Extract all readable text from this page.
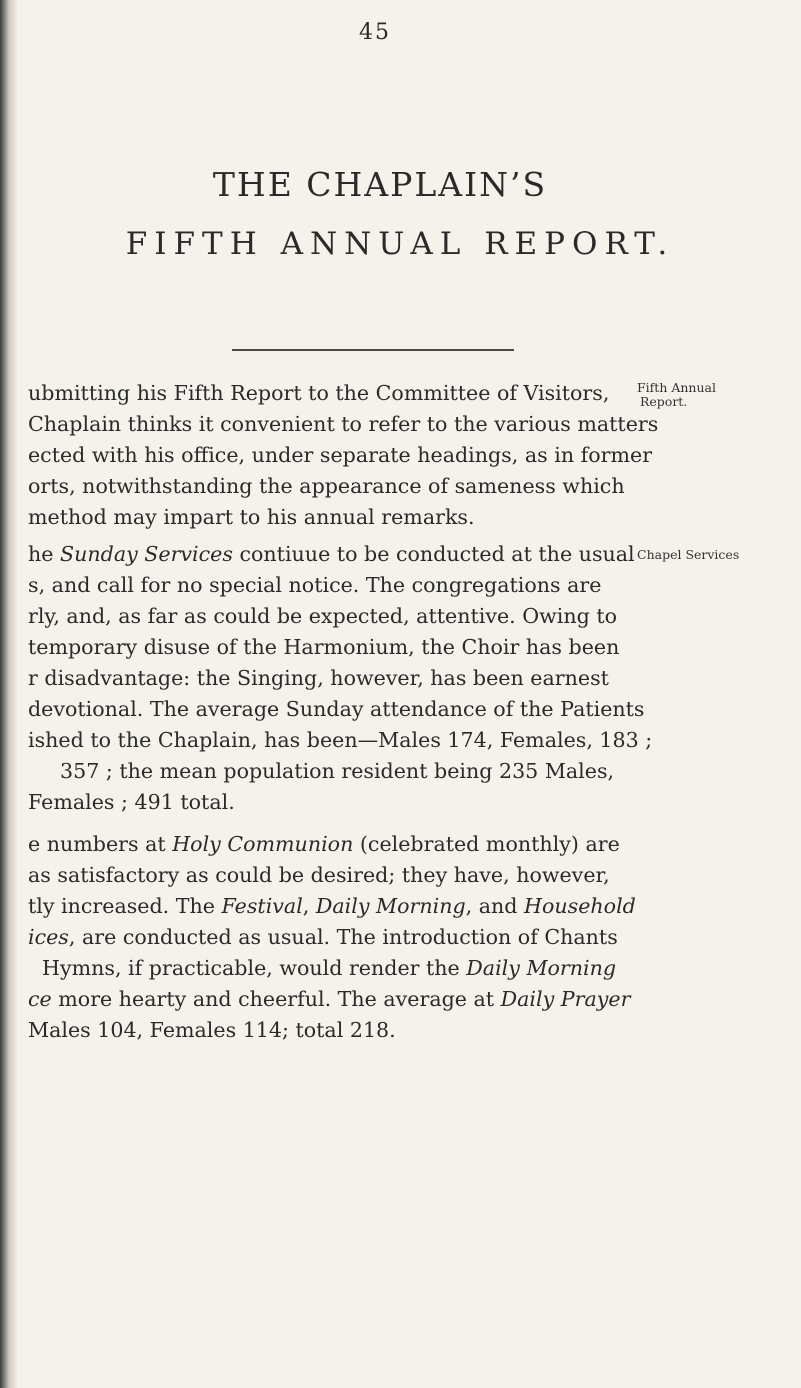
45
THE CHAPLAIN’S
FIFTH ANNUAL REPORT.

ubmitting his Fifth Report to the Committee of Visitors,

Chaplain thinks it convenient to refer to the various matters

ected with his office, under separate headings, as in former

orts, notwithstanding the appearance of sameness which

method may impart to his annual remarks.

Fifth Annual
Report.

he Sunday Services contiuue to be conducted at the usual

s, and call for no special notice. The congregations are

rly, and, as far as could be expected, attentive. Owing to

temporary disuse of the Harmonium, the Choir has been

r disadvantage: the Singing, however, has been earnest

devotional. The average Sunday attendance of the Patients

ished to the Chaplain, has been—Males 174, Females, 183 ;

357 ; the mean population resident being 235 Males,

Females ; 491 total.

Chapel Services

e numbers at Holy Communion (celebrated monthly) are

as satisfactory as could be desired; they have, however,

tly increased. The Festival, Daily Morning, and Household

ices, are conducted as usual. The introduction of Chants

Hymns, if practicable, would render the Daily Morning

ce more hearty and cheerful. The average at Daily Prayer

Males 104, Females 114; total 218.
